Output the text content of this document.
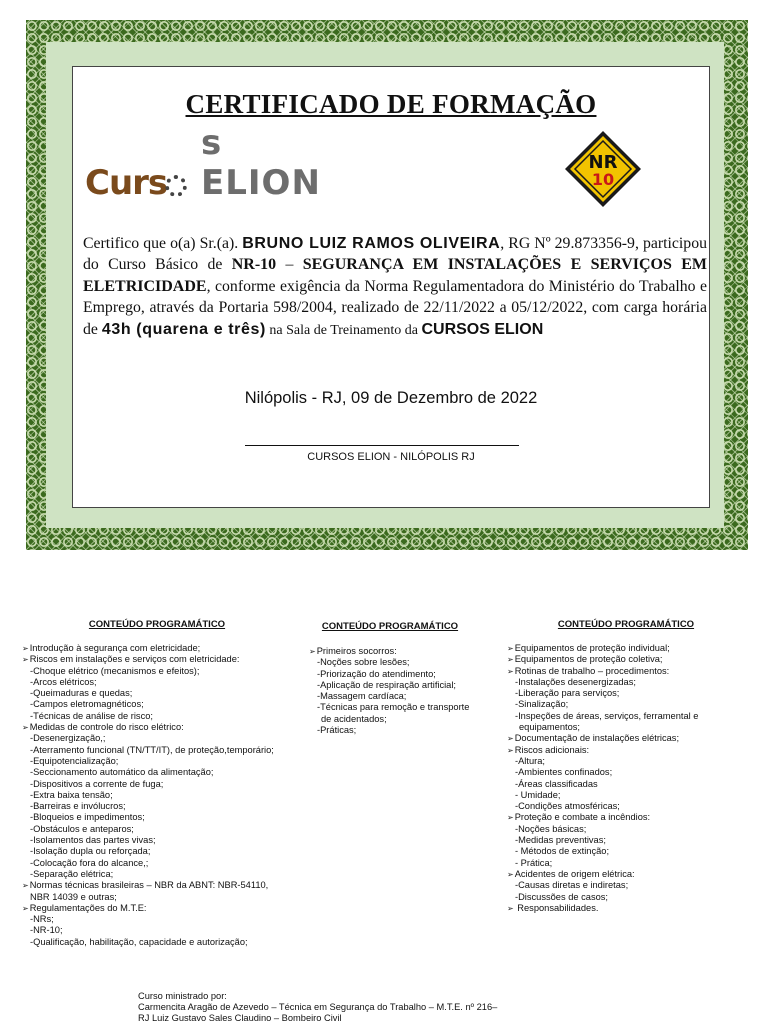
CERTIFICADO DE FORMAÇÃO
Curs
s ELION
NR
10
Certifico que o(a) Sr.(a). BRUNO LUIZ RAMOS OLIVEIRA, RG Nº 29.873356-9, participou do Curso Básico de NR-10 – SEGURANÇA EM INSTALAÇÕES E SERVIÇOS EM ELETRICIDADE, conforme exigência da Norma Regulamentadora do Ministério do Trabalho e Emprego, através da Portaria 598/2004, realizado de 22/11/2022 a 05/12/2022, com carga horária de 43h (quarena e três) na Sala de Treinamento da CURSOS ELION
Nilópolis - RJ, 09 de Dezembro de 2022
CURSOS ELION - NILÓPOLIS RJ
CONTEÚDO PROGRAMÁTICO
➢ Introdução à segurança com eletricidade;
➢ Riscos em instalações e serviços com eletricidade:
-Choque elétrico (mecanismos e efeitos);
-Arcos elétricos;
-Queimaduras e quedas;
-Campos eletromagnéticos;
-Técnicas de análise de risco;
➢ Medidas de controle do risco elétrico:
-Desenergização,;
-Aterramento funcional (TN/TT/IT), de proteção,temporário;
-Equipotencialização;
-Seccionamento automático da alimentação;
-Dispositivos a corrente de fuga;
-Extra baixa tensão;
-Barreiras e invólucros;
-Bloqueios e impedimentos;
-Obstáculos e anteparos;
-Isolamentos das partes vivas;
-Isolação dupla ou reforçada;
-Colocação fora do alcance,;
-Separação elétrica;
➢ Normas técnicas brasileiras – NBR da ABNT: NBR-54110,
NBR 14039 e outras;
➢ Regulamentações do M.T.E:
-NRs;
-NR-10;
-Qualificação, habilitação, capacidade e autorização;
CONTEÚDO PROGRAMÁTICO
➢ Primeiros socorros:
-Noções sobre lesões;
-Priorização do atendimento;
-Aplicação de respiração artificial;
-Massagem cardíaca;
-Técnicas para remoção e transporte
de acidentados;
-Práticas;
CONTEÚDO PROGRAMÁTICO
➢ Equipamentos de proteção individual;
➢ Equipamentos de proteção coletiva;
➢ Rotinas de trabalho – procedimentos:
-Instalações desenergizadas;
-Liberação para serviços;
-Sinalização;
-Inspeções de áreas, serviços, ferramental e
equipamentos;
➢ Documentação de instalações elétricas;
➢ Riscos adicionais:
-Altura;
-Ambientes confinados;
-Áreas classificadas
- Umidade;
-Condições atmosféricas;
➢ Proteção e combate a incêndios:
-Noções básicas;
-Medidas preventivas;
- Métodos de extinção;
- Prática;
➢ Acidentes de origem elétrica:
-Causas diretas e indiretas;
-Discussões de casos;
➢ Responsabilidades.
Curso ministrado por:
Carmencita Aragão de Azevedo – Técnica em Segurança do Trabalho – M.T.E. nº 216–
RJ Luiz Gustavo Sales Claudino – Bombeiro Civil
